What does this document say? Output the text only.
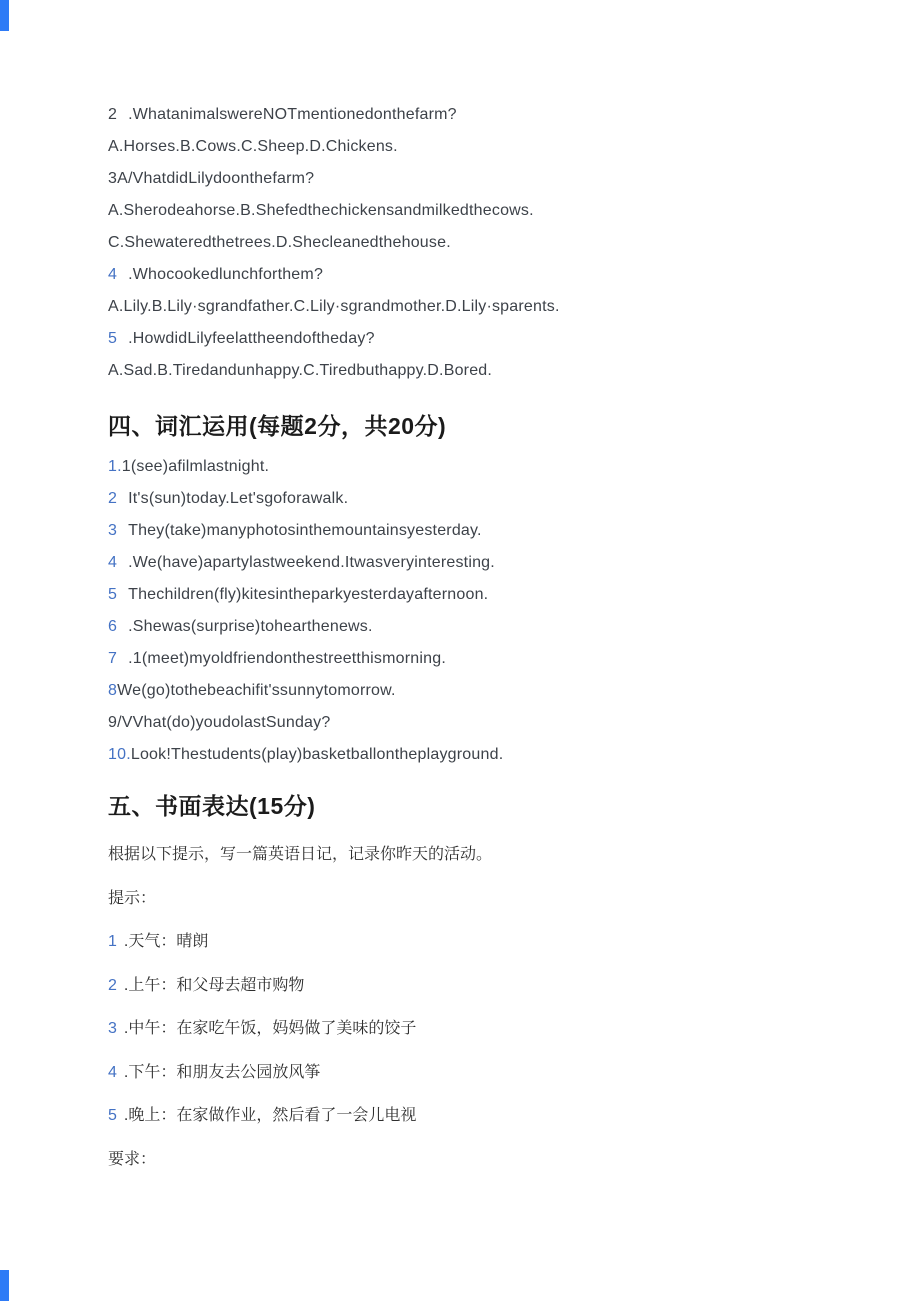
2 .WhatanimalswereNOTmentionedonthefarm?

A.Horses.B.Cows.C.Sheep.D.Chickens.

3A/VhatdidLilydoonthefarm?

A.Sherodeahorse.B.Shefedthechickensandmilkedthecows.

C.Shewateredthetrees.D.Shecleanedthehouse.

4 .Whocookedlunchforthem?

A.Lily.B.Lily·sgrandfather.C.Lily·sgrandmother.D.Lily·sparents.

5 .HowdidLilyfeelattheendoftheday?

A.Sad.B.Tiredandunhappy.C.Tiredbuthappy.D.Bored.

四、词汇运用(每题2分，共20分)

1.1(see)afilmlastnight.

2 It's(sun)today.Let'sgoforawalk.

3 They(take)manyphotosinthemountainsyesterday.

4 .We(have)apartylastweekend.Itwasveryinteresting.

5 Thechildren(fly)kitesintheparkyesterdayafternoon.

6 .Shewas(surprise)tohearthenews.

7 .1(meet)myoldfriendonthestreetthismorning.

8We(go)tothebeachifit'ssunnytomorrow.

9/VVhat(do)youdolastSunday?

10.Look!Thestudents(play)basketballontheplayground.

五、书面表达(15分)

根据以下提示，写一篇英语日记，记录你昨天的活动。

提示：

1 .天气：晴朗

2 .上午：和父母去超市购物

3 .中午：在家吃午饭，妈妈做了美味的饺子

4 .下午：和朋友去公园放风筝

5 .晚上：在家做作业，然后看了一会儿电视

要求：
